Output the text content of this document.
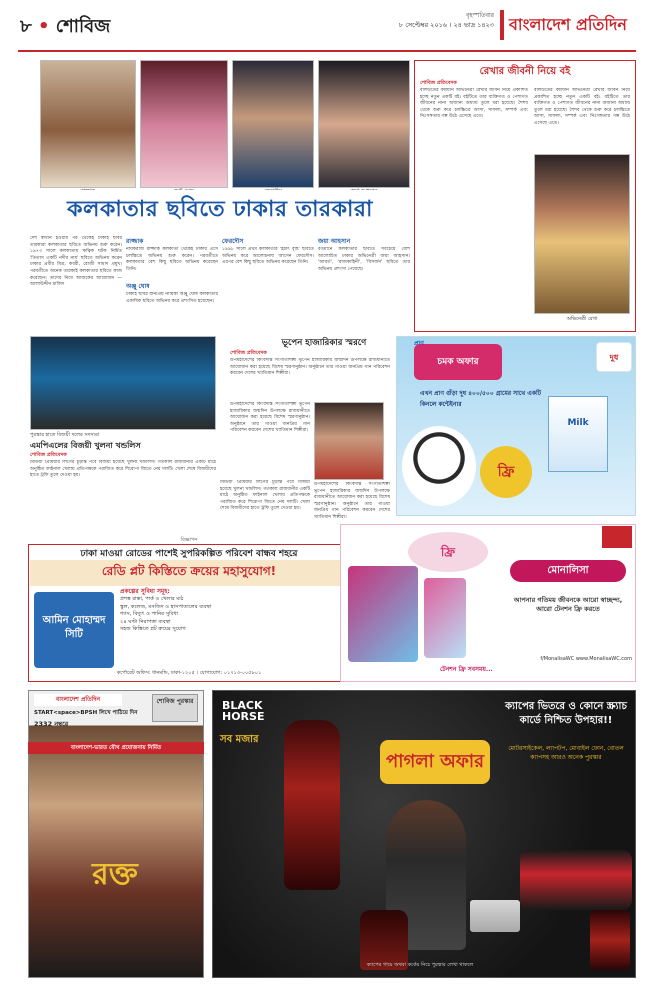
৮ • শোবিজ
বৃহস্পতিবার
৮ সেপ্টেম্বর ২০১৬ । ২৪ ভাদ্র ১৪২৩ বাংলাদেশ প্রতিদিন
কলকাতার ছবিতে ঢাকার তারকারা
দেশ স্বাধীন হওয়ার পর থেকেই ঢাকাই ছবির তারকারা কলকাতার ছবিতে অভিনয় শুরু করেন। ১৯৭৩ সালে কলকাতায় ঋত্বিক ঘটক নির্মিত 'তিতাস একটি নদীর নাম' ছবিতে অভিনয় করেন ঢাকার প্রবীর মিত্র, কবরী, রোজী সামাদ প্রমুখ। পরবর্তীতে অনেক তারকাই কলকাতার ছবিতে কাজ করেছেন। তাদের নিয়ে আজকের আয়োজন —আলাউদ্দীন মাজিদ
রাজ্জাক
নায়করাজ রাজ্জাক কলকাতা থেকেই ঢাকায় এসে চলচ্চিত্রে অভিনয় শুরু করেন। পরবর্তীতে কলকাতার বেশ কিছু ছবিতে অভিনয় করেছেন তিনি।
অঞ্জু ঘোষ
ঢাকাই ছবির জনপ্রিয় নায়িকা অঞ্জু ঘোষ কলকাতার একাধিক ছবিতে অভিনয় করে প্রশংসিত হয়েছেন।
ফেরদৌস
১৯৯৮ সালে প্রথম কলকাতার 'হঠাৎ বৃষ্টি' ছবিতে অভিনয় করে আলোচনায় আসেন ফেরদৌস। এরপর বেশ কিছু ছবিতে অভিনয় করেছেন তিনি।
জয়া আহসান
বর্তমানে কলকাতার ছবিতে সবচেয়ে বেশি আলোচিত ঢাকার অভিনেত্রী জয়া আহসান। 'আবর্ত', 'রাজকাহিনী', 'বিসর্জন' ছবিতে তার অভিনয় প্রশংসা পেয়েছে।
রেখার জীবনী নিয়ে বই
শোবিজ প্রতিবেদক
বলিউডের বর্ষীয়ান অভিনেত্রী রেখার জীবন নিয়ে প্রকাশিত হচ্ছে নতুন একটি বই। বইটিতে তার ব্যক্তিগত ও পেশাগত জীবনের নানা অজানা অধ্যায় তুলে ধরা হয়েছে। শৈশব থেকে শুরু করে চলচ্চিত্রে আসা, সাফল্য, সম্পর্ক এবং নিঃসঙ্গতার গল্প উঠে এসেছে এতে।
বলিউডের বর্ষীয়ান অভিনেত্রী রেখার জীবন নিয়ে প্রকাশিত হচ্ছে নতুন একটি বই। বইটিতে তার ব্যক্তিগত ও পেশাগত জীবনের নানা অজানা অধ্যায় তুলে ধরা হয়েছে। শৈশব থেকে শুরু করে চলচ্চিত্রে আসা, সাফল্য, সম্পর্ক এবং নিঃসঙ্গতার গল্প উঠে এসেছে এতে।
অভিনেত্রী রেখা
পুরস্কার হাতে বিজয়ী দলের সদস্যরা
এমপিএলের বিজয়ী খুলনা খন্ডলিস
শোবিজ প্রতিবেদক
মিডিয়া প্রিমিয়ার লিগের চূড়ান্ত পর্বে বিজয়ী হয়েছে খুলনা খন্ডলিস। গতকাল রাজধানীর একটি মাঠে অনুষ্ঠিত ফাইনাল খেলায় প্রতিপক্ষকে পরাজিত করে শিরোপা জিতে নেয় দলটি। খেলা শেষে বিজয়ীদের হাতে ট্রফি তুলে দেওয়া হয়।
মিডিয়া প্রিমিয়ার লিগের চূড়ান্ত পর্বে বিজয়ী হয়েছে খুলনা খন্ডলিস। গতকাল রাজধানীর একটি মাঠে অনুষ্ঠিত ফাইনাল খেলায় প্রতিপক্ষকে পরাজিত করে শিরোপা জিতে নেয় দলটি। খেলা শেষে বিজয়ীদের হাতে ট্রফি তুলে দেওয়া হয়।
ভূপেন হাজারিকার স্মরণে
শোবিজ প্রতিবেদক
উপমহাদেশের কিংবদন্তি সংগীতশিল্পী ভূপেন হাজারিকার জন্মদিন উপলক্ষে রাজধানীতে আয়োজন করা হয়েছে বিশেষ স্মরণানুষ্ঠান। অনুষ্ঠানে তার গাওয়া জনপ্রিয় গান পরিবেশন করবেন দেশের খ্যাতিমান শিল্পীরা।
উপমহাদেশের কিংবদন্তি সংগীতশিল্পী ভূপেন হাজারিকার জন্মদিন উপলক্ষে রাজধানীতে আয়োজন করা হয়েছে বিশেষ স্মরণানুষ্ঠান। অনুষ্ঠানে তার গাওয়া জনপ্রিয় গান পরিবেশন করবেন দেশের খ্যাতিমান শিল্পীরা।
উপমহাদেশের কিংবদন্তি সংগীতশিল্পী ভূপেন হাজারিকার জন্মদিন উপলক্ষে রাজধানীতে আয়োজন করা হয়েছে বিশেষ স্মরণানুষ্ঠান। অনুষ্ঠানে তার গাওয়া জনপ্রিয় গান পরিবেশন করবেন দেশের খ্যাতিমান শিল্পীরা।
চমক অফার
প্রাণ
এখন প্রাণ গুঁড়া দুধ ৪০০/৫০০ গ্রামের সাথে একটি কিনলে কন্টেইনার
Milk
দুধ
ফ্রি
বিজ্ঞাপন
ঢাকা মাওয়া রোডের পাশেই সুপরিকল্পিত পরিবেশ বান্ধব শহরে
রেডি প্লট কিস্তিতে ক্রয়ের মহাসুযোগ!
আমিন মোহাম্মদ সিটি
প্রকল্পের সুবিধা সমূহ:
প্রশস্ত রাস্তা, পার্ক ও খেলার মাঠ
স্কুল, কলেজ, মসজিদ ও হাসপাতালের ব্যবস্থা
গ্যাস, বিদ্যুৎ ও পানির সুবিধা
২৪ ঘণ্টা নিরাপত্তা ব্যবস্থা
সহজ কিস্তিতে প্লট ক্রয়ের সুযোগ
কর্পোরেট অফিস: ধানমন্ডি, ঢাকা-১২০৫ । যোগাযোগ: ০১৭১৩-০০৫৮০১
ফ্রি
মোনালিসা
আপনার গতিময় জীবনকে আরো স্বাচ্ছন্দ্য, আরো টেনশন ফ্রি করতে
টেনশন ফ্রি সবসময়...
f/MonalisaWC www.MonalisaWC.com
বাংলাদেশ প্রতিদিন	শোবিজ পুরস্কার
START<space>BPSH লিখে পাঠিয়ে দিন
2332 নম্বরে
বাংলাদেশ-ভারত যৌথ প্রযোজনায় নির্মিত
রক্ত
BLACK HORSE
সব মজার
পাগলা অফার
ক্যাপের ভিতরে ও কোনে স্ক্র্যাচ কার্ডে নিশ্চিত উপহার!!
মোটরসাইকেল, ল্যাপটপ, মোবাইল ফোন, বোতল ক্যাপসহ আরও অনেক পুরস্কার
ক্যাপের গায়ে অথবা কর্কের নিচে পুরস্কার লেখা থাকলে
